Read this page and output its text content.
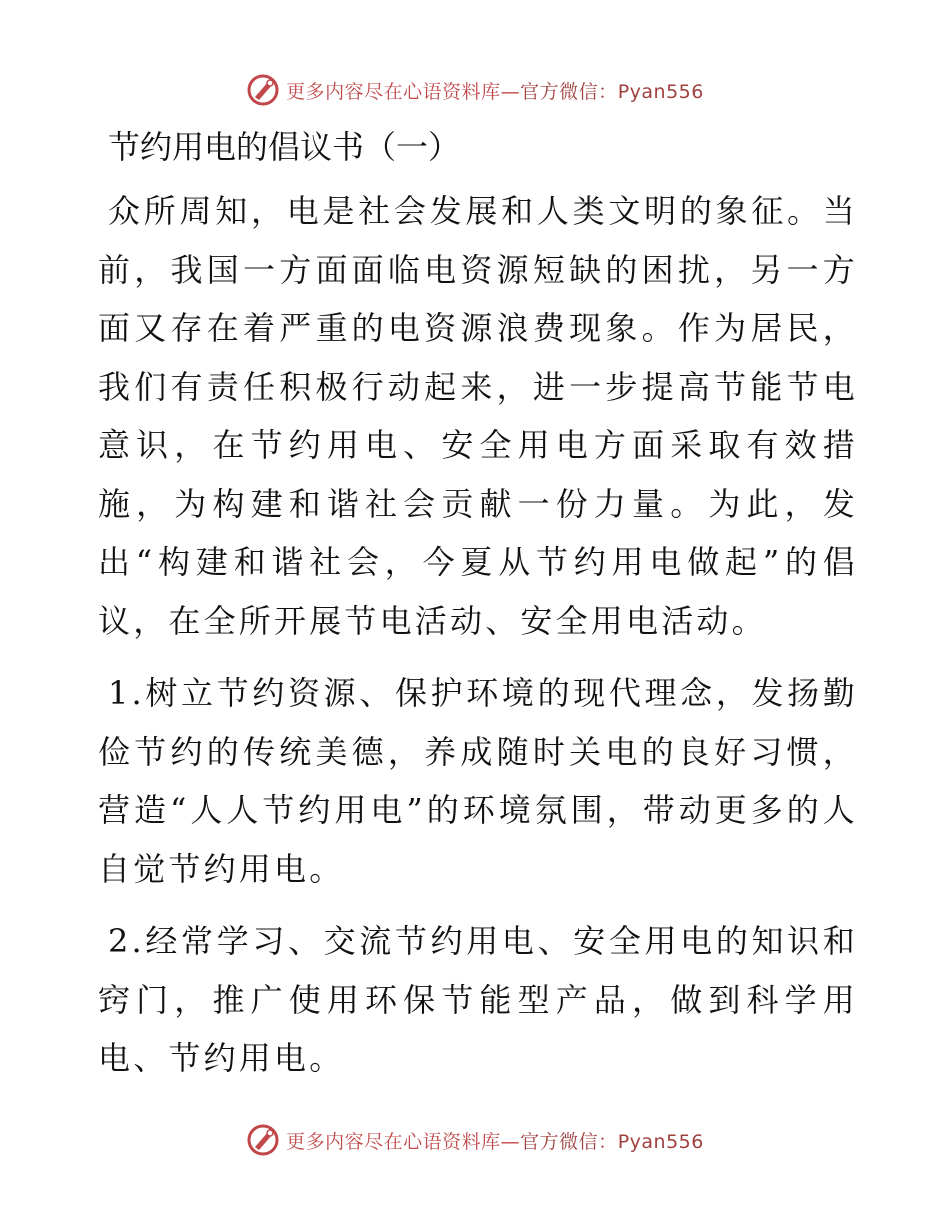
更多内容尽在心语资料库—官方微信：Pyan556
节约用电的倡议书（一）

众所周知，电是社会发展和人类文明的象征。当前，我国一方面面临电资源短缺的困扰，另一方面又存在着严重的电资源浪费现象。作为居民，我们有责任积极行动起来，进一步提高节能节电意识，在节约用电、安全用电方面采取有效措施，为构建和谐社会贡献一份力量。为此，发出“构建和谐社会，今夏从节约用电做起”的倡议，在全所开展节电活动、安全用电活动。

1.树立节约资源、保护环境的现代理念，发扬勤俭节约的传统美德，养成随时关电的良好习惯，营造“人人节约用电”的环境氛围，带动更多的人自觉节约用电。

2.经常学习、交流节约用电、安全用电的知识和窍门，推广使用环保节能型产品，做到科学用电、节约用电。

更多内容尽在心语资料库—官方微信：Pyan556
